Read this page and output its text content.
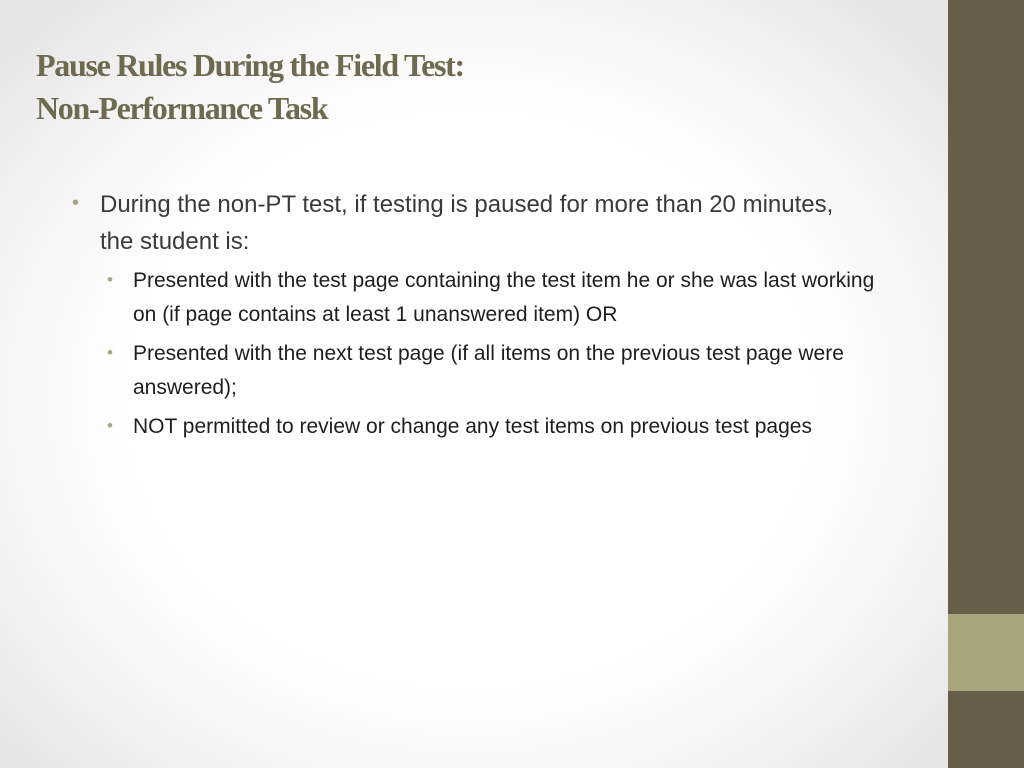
Pause Rules During the Field Test:
Non-Performance Task
• During the non-PT test, if testing is paused for more than 20 minutes, the student is:
• Presented with the test page containing the test item he or she was last working on (if page contains at least 1 unanswered item) OR
• Presented with the next test page (if all items on the previous test page were answered);
• NOT permitted to review or change any test items on previous test pages
